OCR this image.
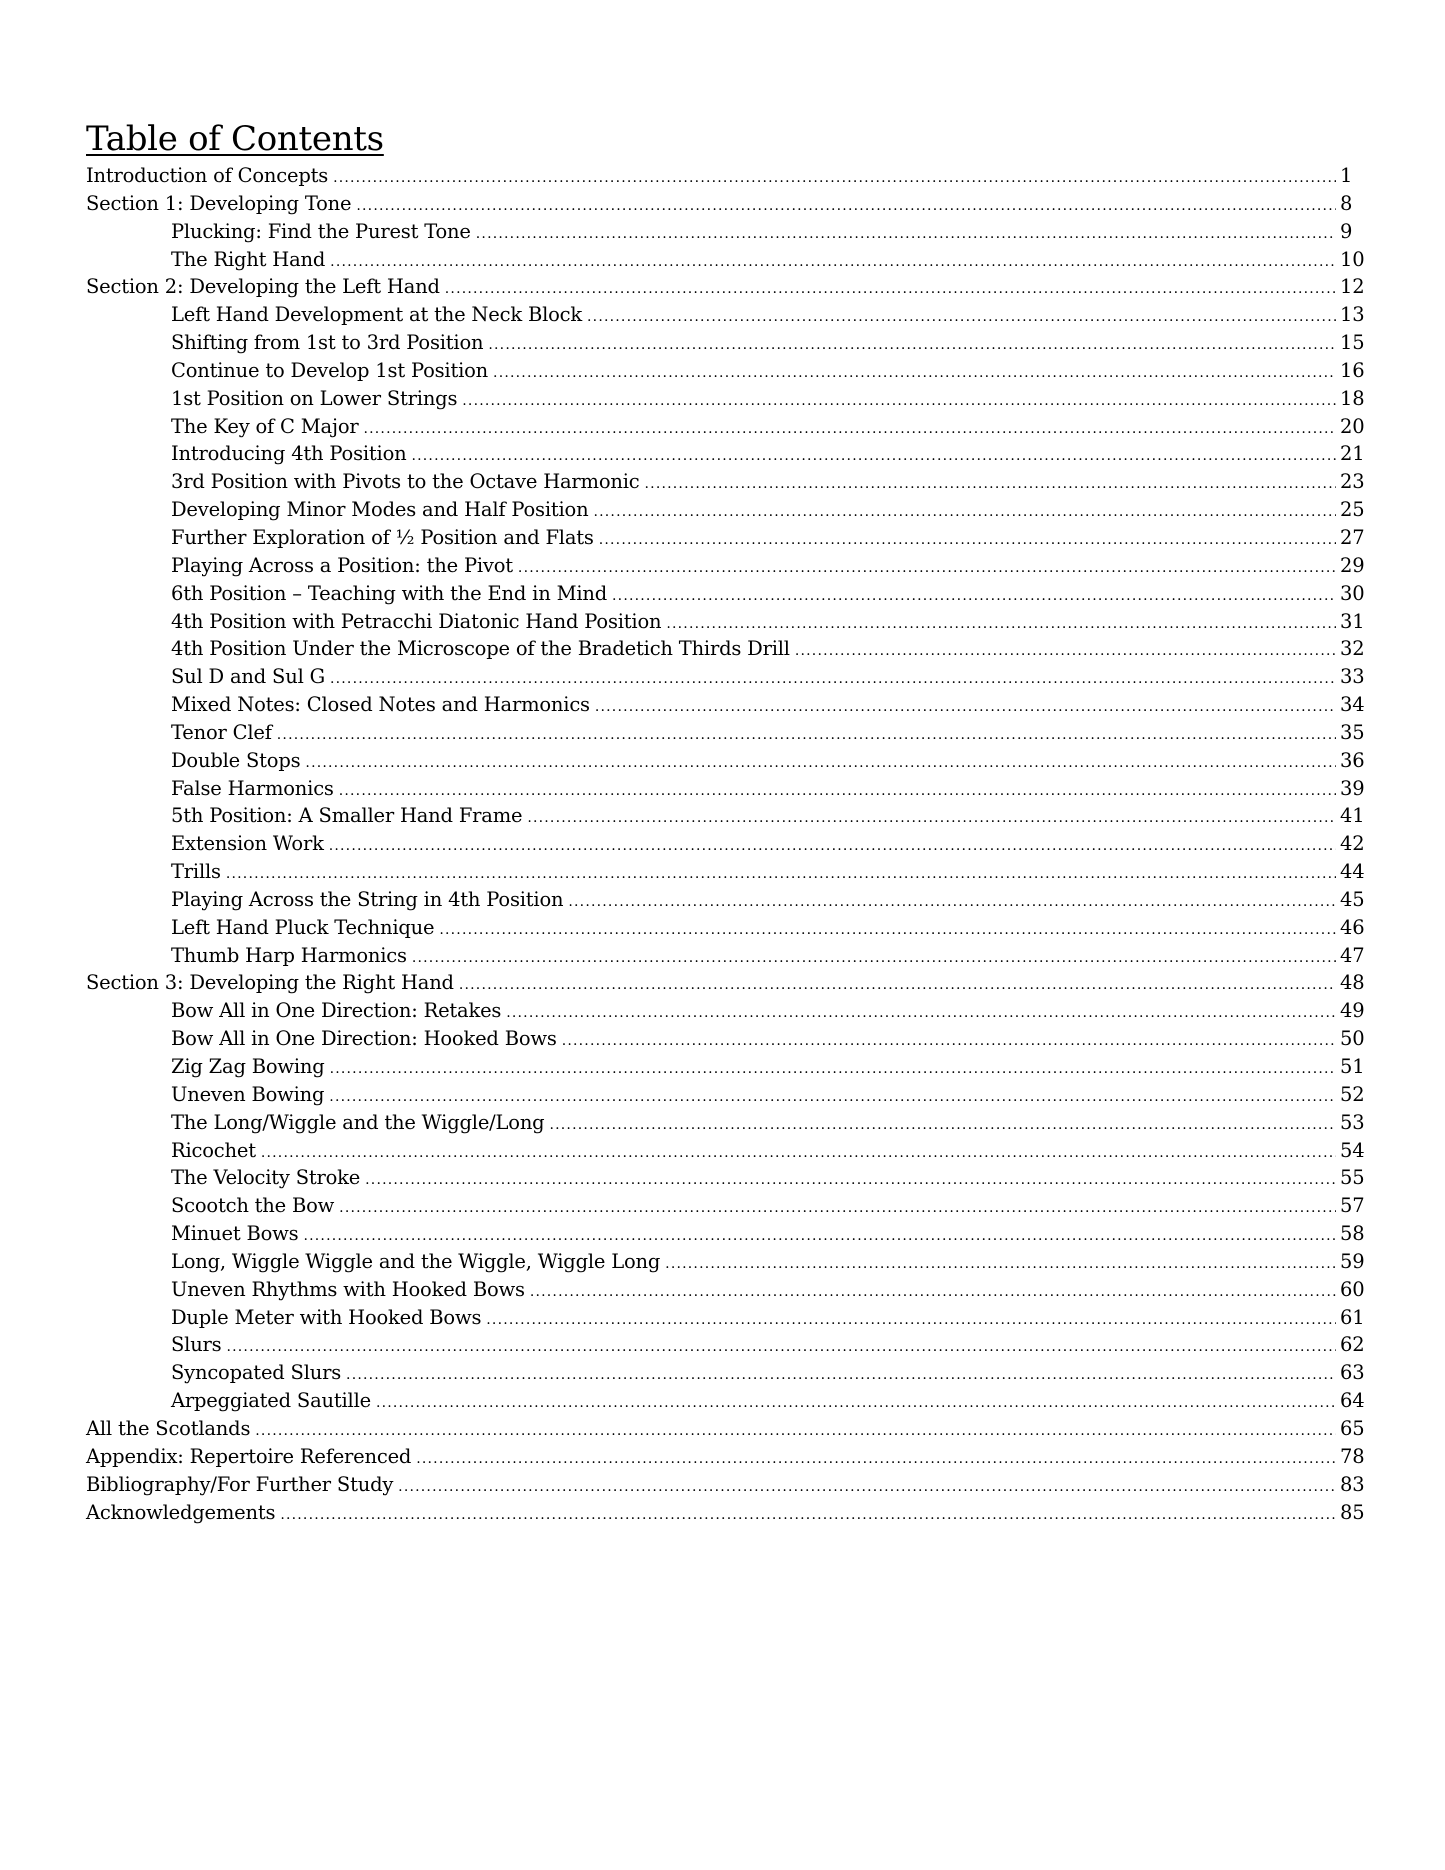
Table of Contents
Introduction of Concepts .....	1
Section 1: Developing Tone .....	8
Plucking: Find the Purest Tone .....	9
The Right Hand .....	10
Section 2: Developing the Left Hand .....	12
Left Hand Development at the Neck Block .....	13
Shifting from 1st to 3rd Position .....	15
Continue to Develop 1st Position .....	16
1st Position on Lower Strings .....	18
The Key of C Major .....	20
Introducing 4th Position .....	21
3rd Position with Pivots to the Octave Harmonic .....	23
Developing Minor Modes and Half Position .....	25
Further Exploration of ½ Position and Flats .....	27
Playing Across a Position: the Pivot .....	29
6th Position – Teaching with the End in Mind .....	30
4th Position with Petracchi Diatonic Hand Position .....	31
4th Position Under the Microscope of the Bradetich Thirds Drill .....	32
Sul D and Sul G .....	33
Mixed Notes: Closed Notes and Harmonics .....	34
Tenor Clef .....	35
Double Stops .....	36
False Harmonics .....	39
5th Position: A Smaller Hand Frame .....	41
Extension Work .....	42
Trills .....	44
Playing Across the String in 4th Position .....	45
Left Hand Pluck Technique .....	46
Thumb Harp Harmonics .....	47
Section 3: Developing the Right Hand .....	48
Bow All in One Direction: Retakes .....	49
Bow All in One Direction: Hooked Bows .....	50
Zig Zag Bowing .....	51
Uneven Bowing .....	52
The Long/Wiggle and the Wiggle/Long .....	53
Ricochet .....	54
The Velocity Stroke .....	55
Scootch the Bow .....	57
Minuet Bows .....	58
Long, Wiggle Wiggle and the Wiggle, Wiggle Long .....	59
Uneven Rhythms with Hooked Bows .....	60
Duple Meter with Hooked Bows .....	61
Slurs .....	62
Syncopated Slurs .....	63
Arpeggiated Sautille .....	64
All the Scotlands .....	65
Appendix: Repertoire Referenced .....	78
Bibliography/For Further Study .....	83
Acknowledgements .....	85
